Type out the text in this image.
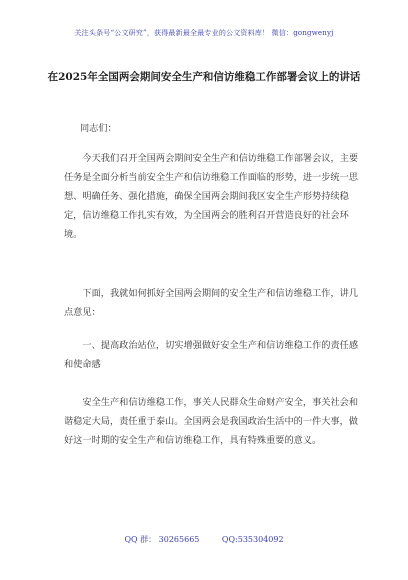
关注头条号“公文研究”，获得最新最全最专业的公文资料库！ 微信：gongwenyj
在2025年全国两会期间安全生产和信访维稳工作部署会议上的讲话

同志们：

今天我们召开全国两会期间安全生产和信访维稳工作部署会议，主要任务是全面分析当前安全生产和信访维稳工作面临的形势，进一步统一思想、明确任务、强化措施，确保全国两会期间我区安全生产形势持续稳定，信访维稳工作扎实有效，为全国两会的胜利召开营造良好的社会环境。

下面，我就如何抓好全国两会期间的安全生产和信访维稳工作，讲几点意见：

一、提高政治站位，切实增强做好安全生产和信访维稳工作的责任感和使命感

安全生产和信访维稳工作，事关人民群众生命财产安全，事关社会和谐稳定大局，责任重于泰山。全国两会是我国政治生活中的一件大事，做好这一时期的安全生产和信访维稳工作，具有特殊重要的意义。

QQ 群： 30265665	QQ:535304092
